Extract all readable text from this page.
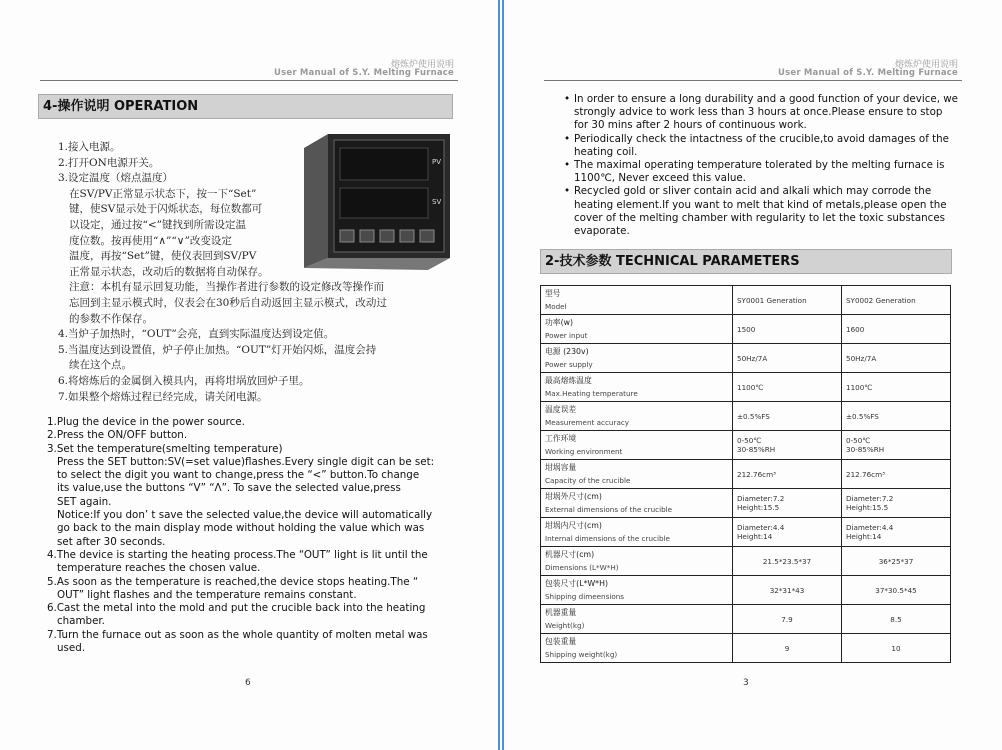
熔炼炉使用说明
User Manual of S.Y. Melting Furnace
4-操作说明 OPERATION
PV
SV

1.接入电源。

2.打开ON电源开关。

3.设定温度（熔点温度）

在SV/PV正常显示状态下，按一下“Set”

键，使SV显示处于闪烁状态，每位数都可

以设定，通过按“<”键找到所需设定温

度位数。按再使用“∧”“∨”改变设定

温度，再按“Set”键，使仪表回到SV/PV

正常显示状态，改动后的数据将自动保存。

注意：本机有显示回复功能，当操作者进行参数的设定修改等操作而

忘回到主显示模式时，仪表会在30秒后自动返回主显示模式，改动过

的参数不作保存。

4.当炉子加热时，“OUT”会亮，直到实际温度达到设定值。

5.当温度达到设置值，炉子停止加热。“OUT”灯开始闪烁，温度会持

续在这个点。

6.将熔炼后的金属倒入模具内，再将坩埚放回炉子里。

7.如果整个熔炼过程已经完成，请关闭电源。

1.Plug the device in the power source.

2.Press the ON/OFF button.

3.Set the temperature(smelting temperature)

Press the SET button:SV(=set value)flashes.Every single digit can be set:

to select the digit you want to change,press the “<” button.To change

its value,use the buttons “V” “Λ”. To save the selected value,press

SET again.

Notice:If you don’ t save the selected value,the device will automatically

go back to the main display mode without holding the value which was

set after 30 seconds.

4.The device is starting the heating process.The “OUT” light is lit until the

temperature reaches the chosen value.

5.As soon as the temperature is reached,the device stops heating.The “

OUT” light flashes and the temperature remains constant.

6.Cast the metal into the mold and put the crucible back into the heating

chamber.

7.Turn the furnace out as soon as the whole quantity of molten metal was

used.

6
熔炼炉使用说明
User Manual of S.Y. Melting Furnace
• In order to ensure a long durability and a good function of your device, we strongly advice to work less than 3 hours at once.Please ensure to stop for 30 mins after 2 hours of continuous work.
• Periodically check the intactness of the crucible,to avoid damages of the heating coil.
• The maximal operating temperature tolerated by the melting furnace is 1100℃, Never exceed this value.
• Recycled gold or sliver contain acid and alkali which may corrode the heating element.If you want to melt that kind of metals,please open the cover of the melting chamber with regularity to let the toxic substances evaporate.
2-技术参数 TECHNICAL PARAMETERS
型号
Model	SY0001 Generation	SY0002 Generation

功率(w)
Power input	1500	1600

电源 (230v)
Power supply	50Hz/7A	50Hz/7A

最高熔炼温度
Max.Heating temperature	1100℃	1100℃

温度误差
Measurement accuracy	±0.5%FS	±0.5%FS

工作环境
Working environment	0-50℃
30-85%RH	0-50℃
30-85%RH

坩埚容量
Capacity of the crucible	212.76cm³	212.76cm³

坩埚外尺寸(cm)
External dimensions of the crucible	Diameter:7.2
Height:15.5	Diameter:7.2
Height:15.5

坩埚内尺寸(cm)
Internal dimensions of the crucible	Diameter:4.4
Height:14	Diameter:4.4
Height:14

机器尺寸(cm)
Dimensions (L*W*H)	21.5*23.5*37	36*25*37

包装尺寸(L*W*H)
Shipping dimeensions	32*31*43	37*30.5*45

机器重量
Weight(kg)	7.9	8.5

包装重量
Shipping weight(kg)	9	10
3
